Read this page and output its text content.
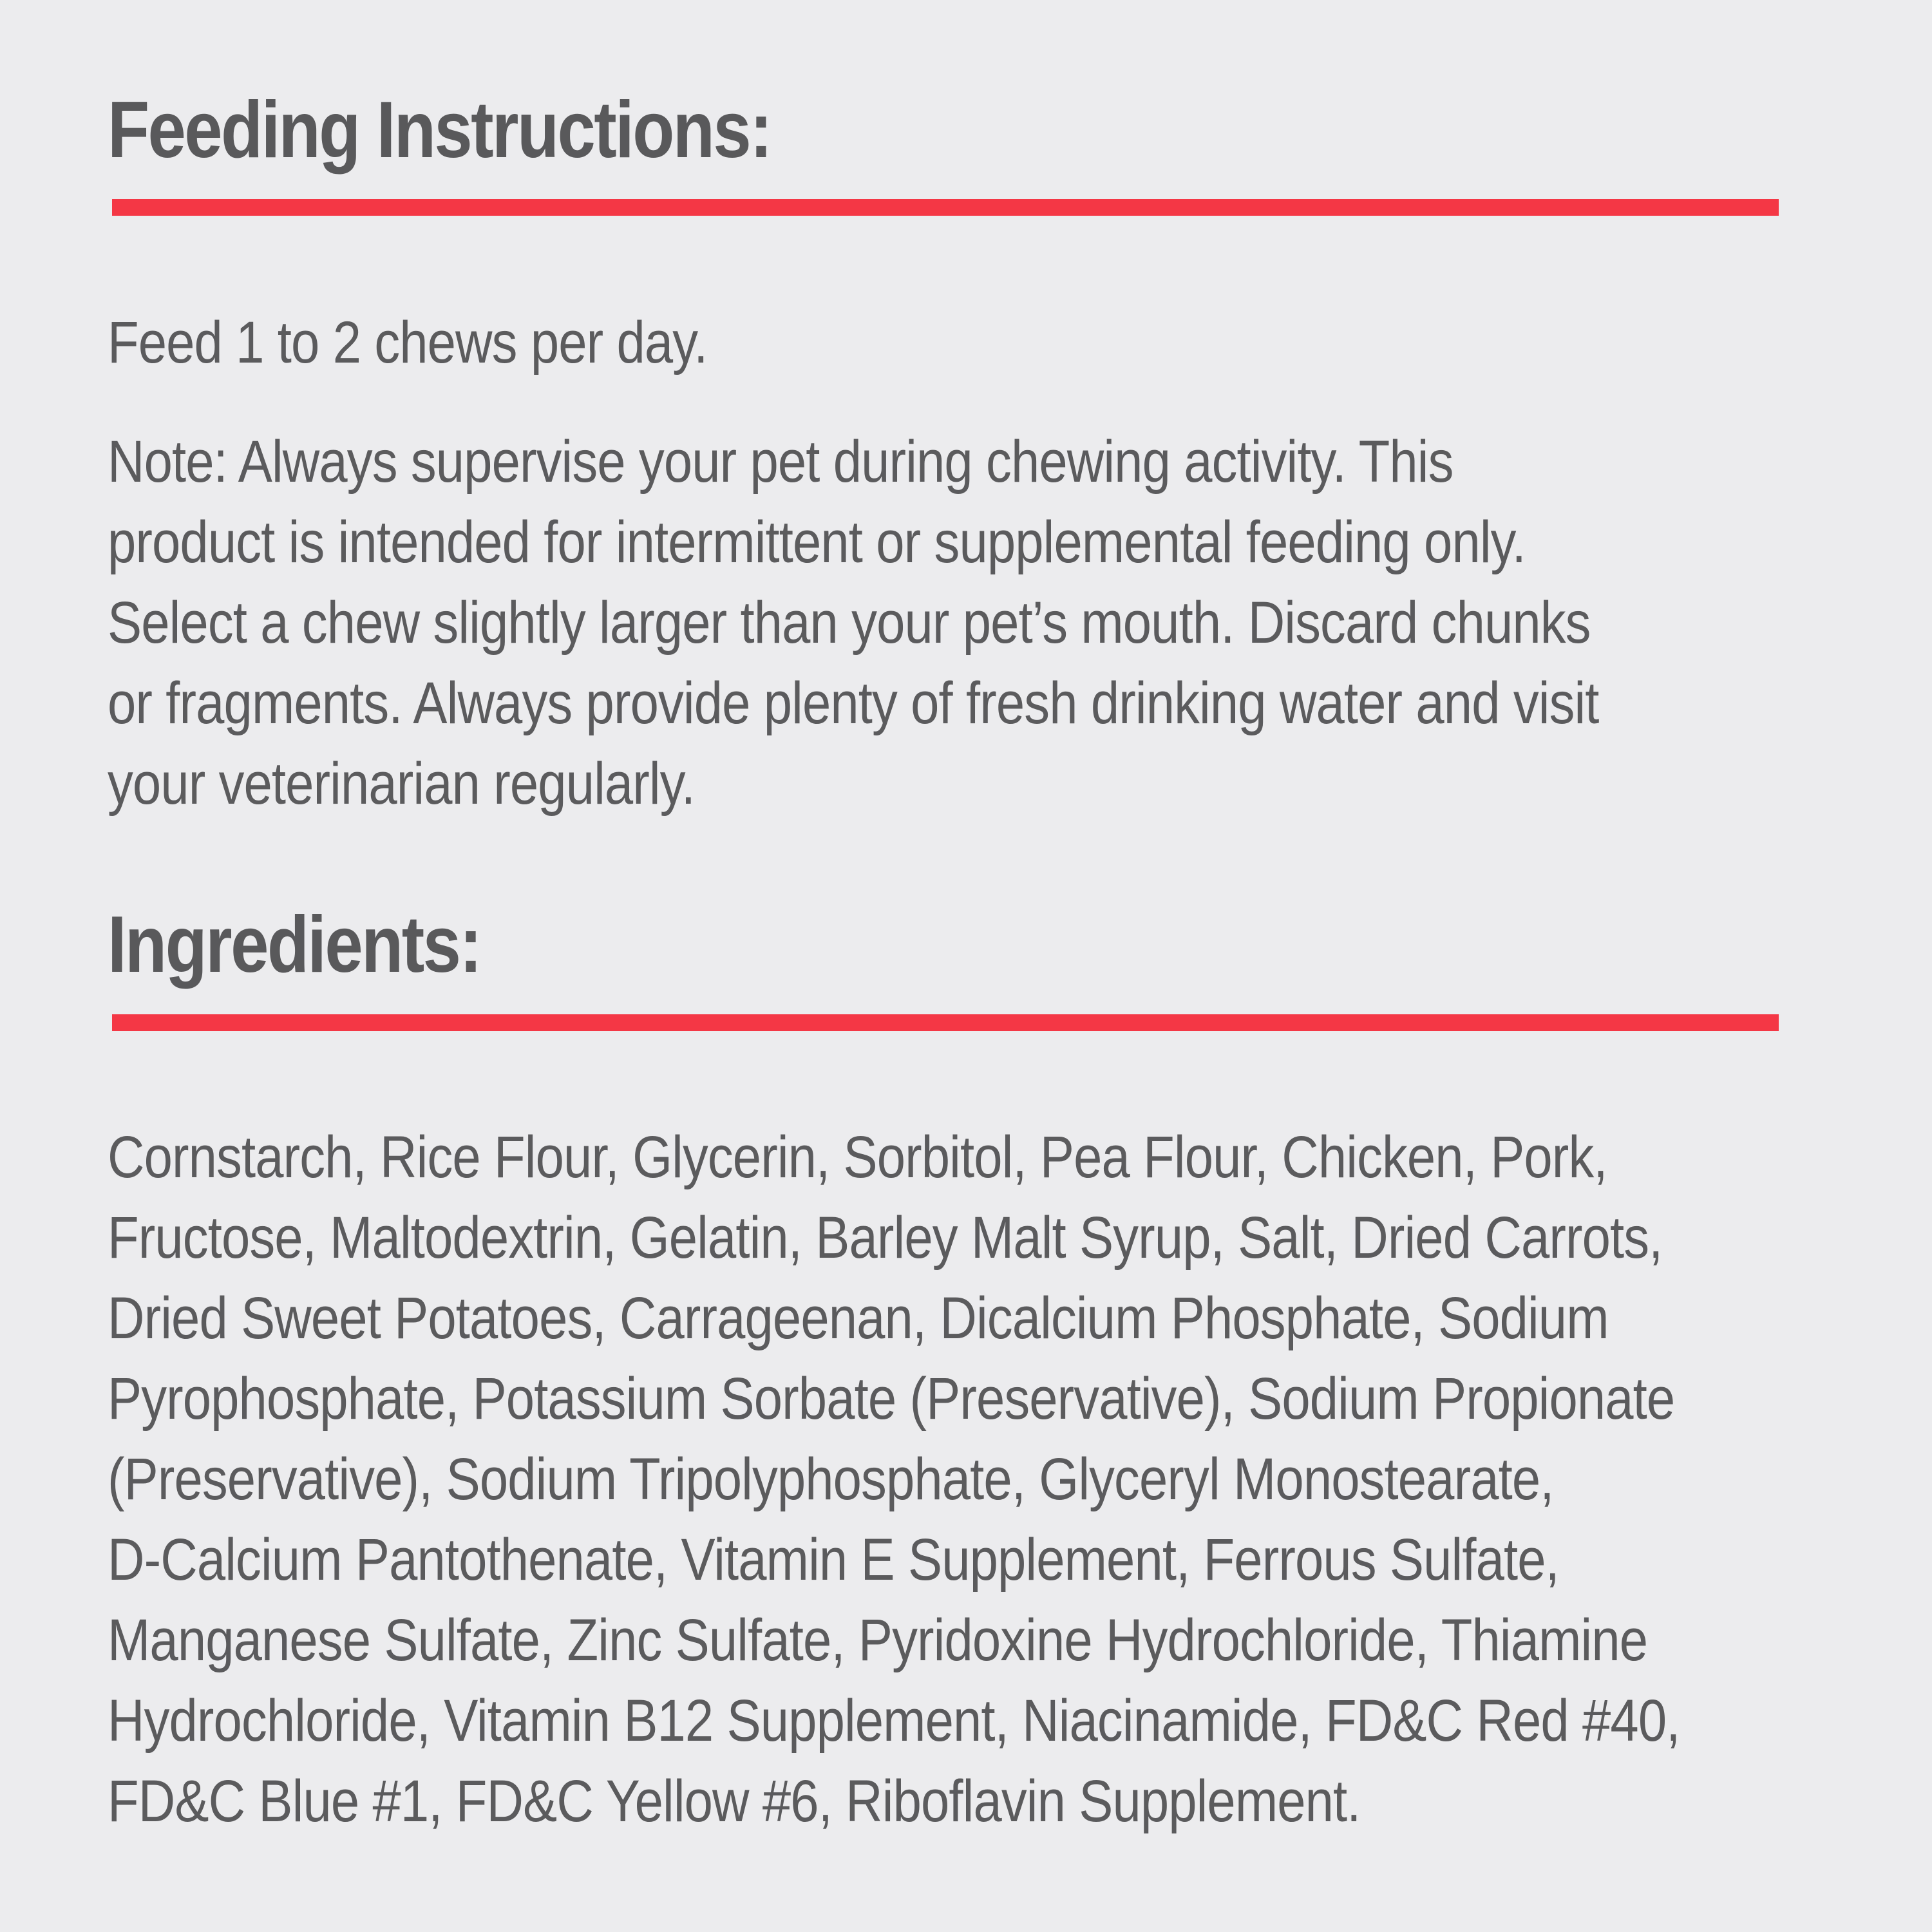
Feeding Instructions:

Feed 1 to 2 chews per day.

Note: Always supervise your pet during chewing activity. This
product is intended for intermittent or supplemental feeding only.
Select a chew slightly larger than your pet’s mouth. Discard chunks
or fragments. Always provide plenty of fresh drinking water and visit
your veterinarian regularly.

Ingredients:

Cornstarch, Rice Flour, Glycerin, Sorbitol, Pea Flour, Chicken, Pork,
Fructose, Maltodextrin, Gelatin, Barley Malt Syrup, Salt, Dried Carrots,
Dried Sweet Potatoes, Carrageenan, Dicalcium Phosphate, Sodium
Pyrophosphate, Potassium Sorbate (Preservative), Sodium Propionate
(Preservative), Sodium Tripolyphosphate, Glyceryl Monostearate,
D-Calcium Pantothenate, Vitamin E Supplement, Ferrous Sulfate,
Manganese Sulfate, Zinc Sulfate, Pyridoxine Hydrochloride, Thiamine
Hydrochloride, Vitamin B12 Supplement, Niacinamide, FD&C Red #40,
FD&C Blue #1, FD&C Yellow #6, Riboflavin Supplement.
